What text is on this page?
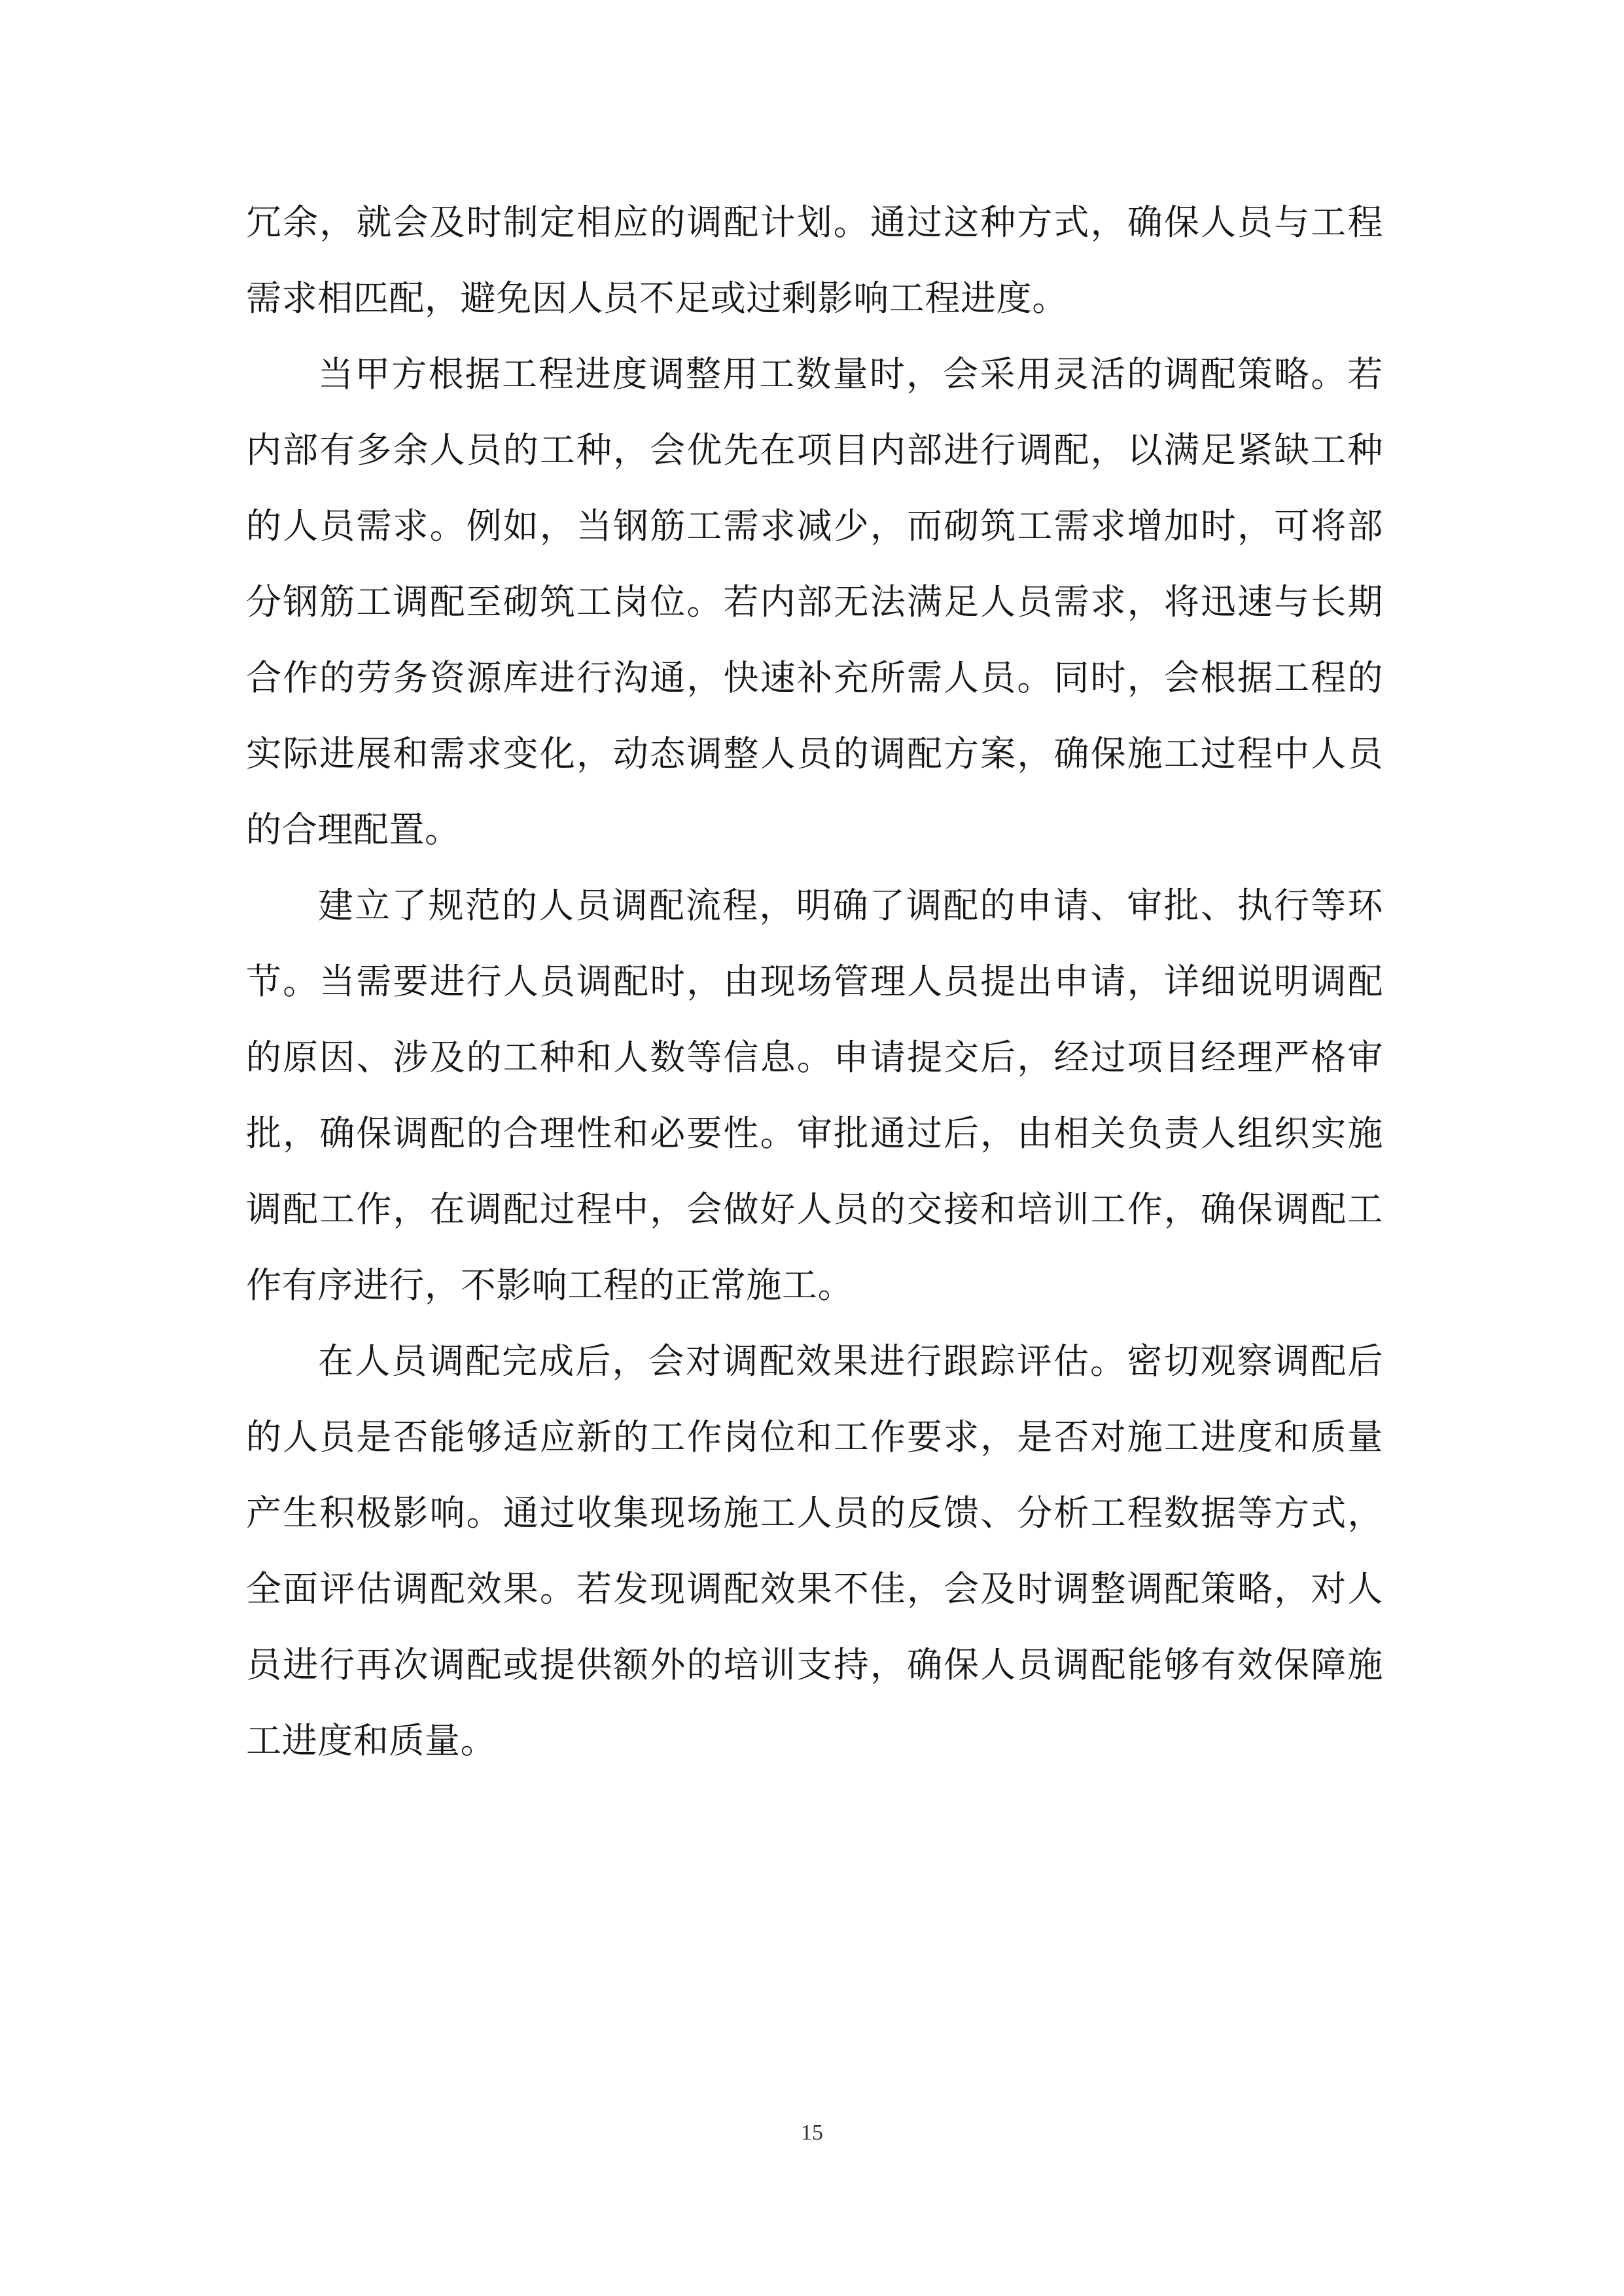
冗余，就会及时制定相应的调配计划。通过这种方式，确保人员与工程需求相匹配，避免因人员不足或过剩影响工程进度。

当甲方根据工程进度调整用工数量时，会采用灵活的调配策略。若内部有多余人员的工种，会优先在项目内部进行调配，以满足紧缺工种的人员需求。例如，当钢筋工需求减少，而砌筑工需求增加时，可将部分钢筋工调配至砌筑工岗位。若内部无法满足人员需求，将迅速与长期合作的劳务资源库进行沟通，快速补充所需人员。同时，会根据工程的实际进展和需求变化，动态调整人员的调配方案，确保施工过程中人员的合理配置。

建立了规范的人员调配流程，明确了调配的申请、审批、执行等环节。当需要进行人员调配时，由现场管理人员提出申请，详细说明调配的原因、涉及的工种和人数等信息。申请提交后，经过项目经理严格审批，确保调配的合理性和必要性。审批通过后，由相关负责人组织实施调配工作，在调配过程中，会做好人员的交接和培训工作，确保调配工作有序进行，不影响工程的正常施工。

在人员调配完成后，会对调配效果进行跟踪评估。密切观察调配后的人员是否能够适应新的工作岗位和工作要求，是否对施工进度和质量产生积极影响。通过收集现场施工人员的反馈、分析工程数据等方式，全面评估调配效果。若发现调配效果不佳，会及时调整调配策略，对人员进行再次调配或提供额外的培训支持，确保人员调配能够有效保障施工进度和质量。

15
